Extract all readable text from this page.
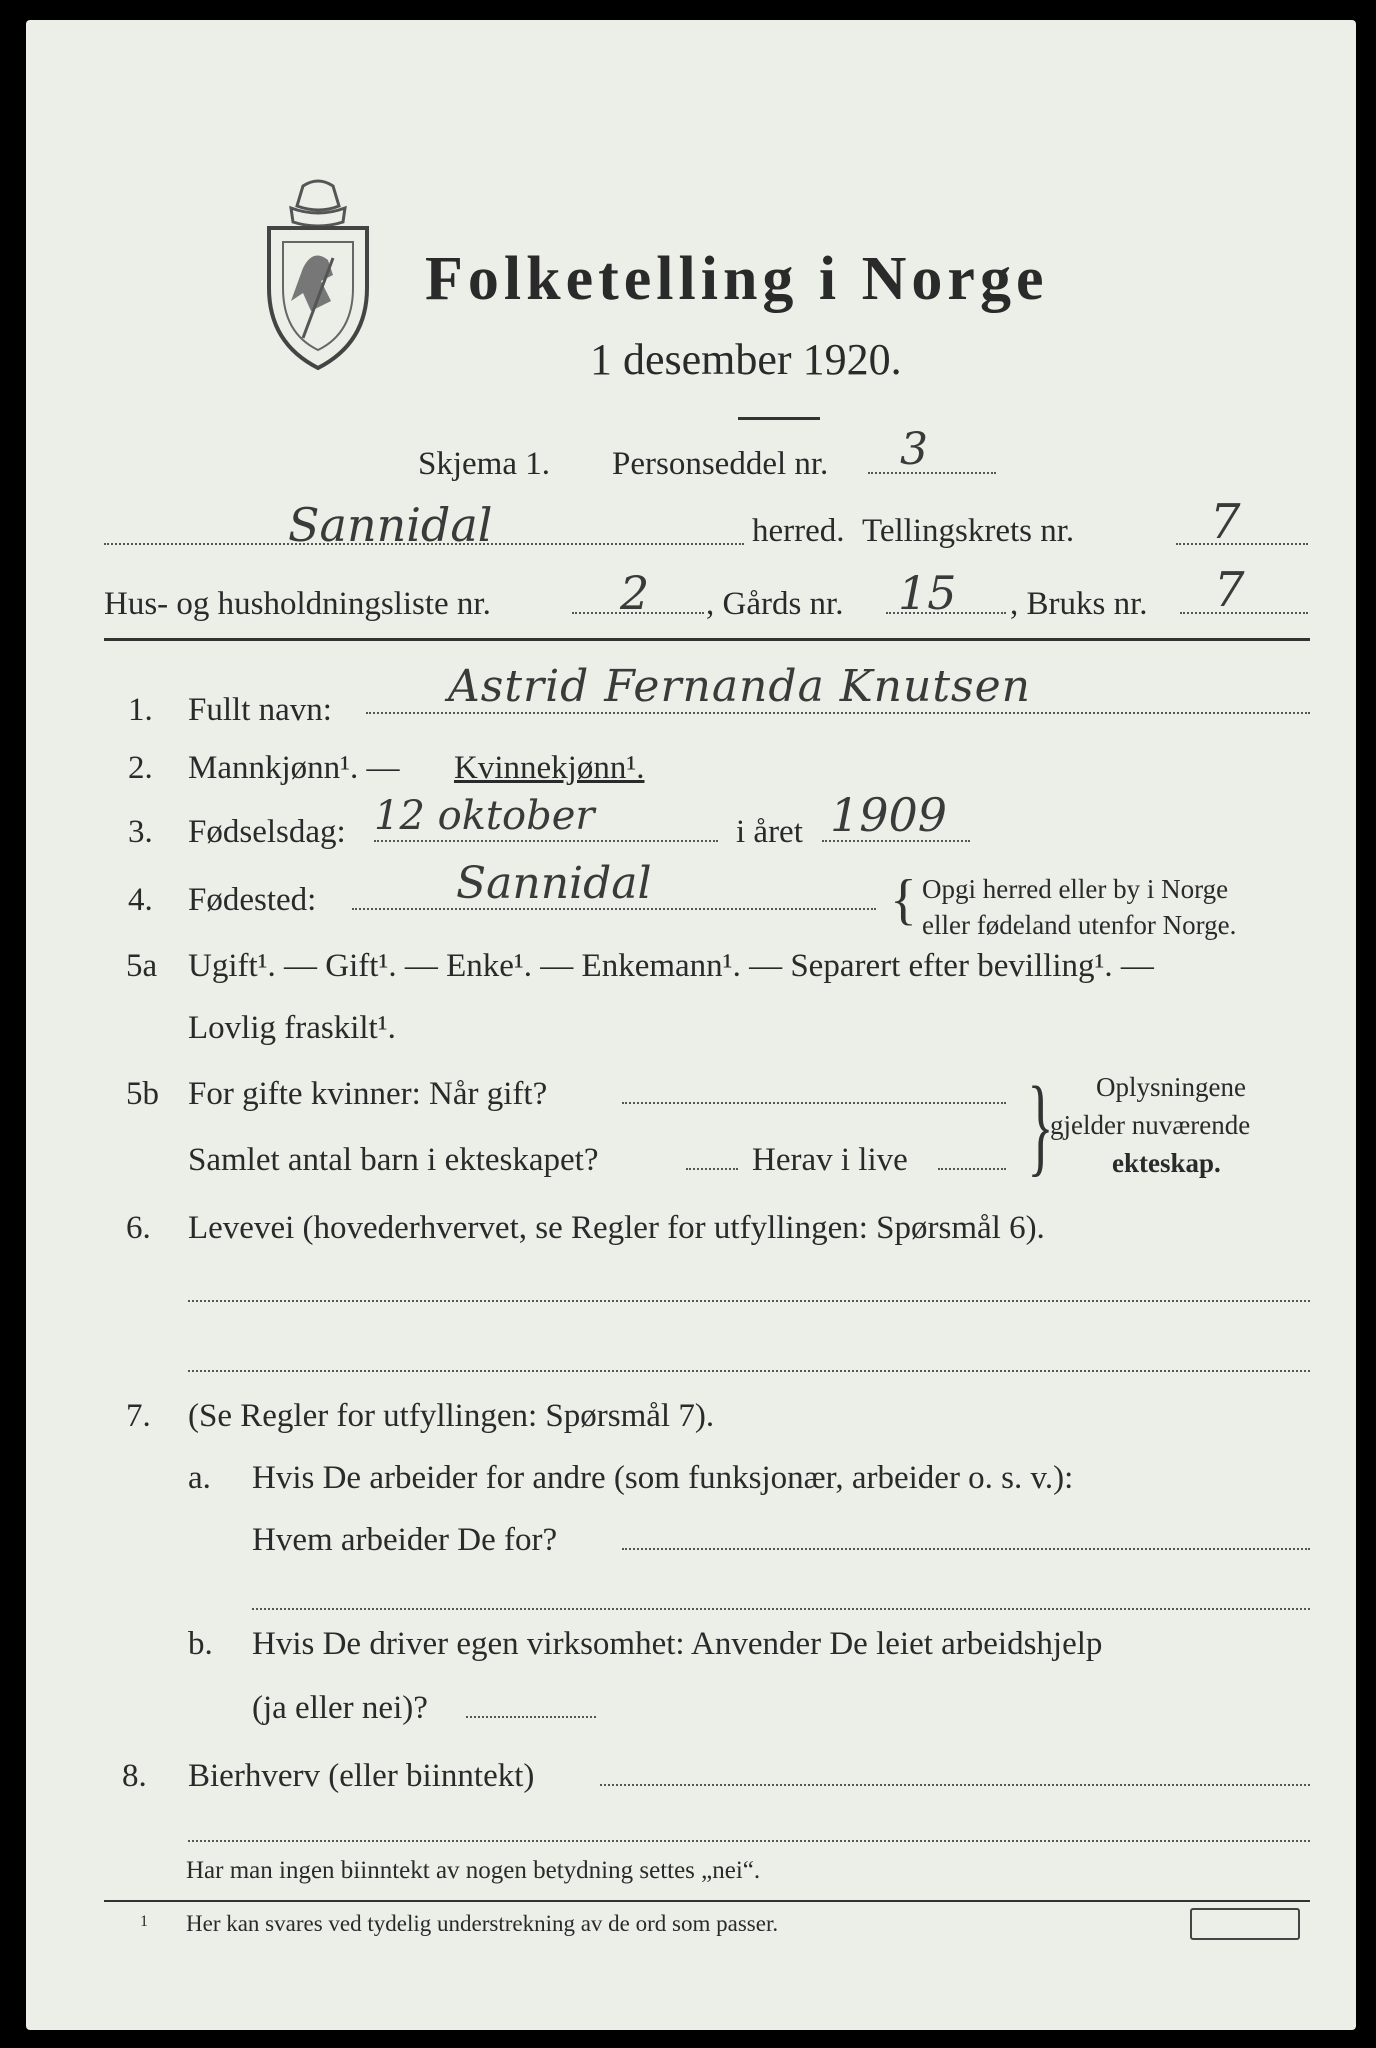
Folketelling i Norge
1 desember 1920.
Skjema 1. Personseddel nr. 3
Sannidal	herred. Tellingskrets nr.	7
Hus- og husholdningsliste nr.	2 , Gårds nr. 15 , Bruks nr. 7
1. Fullt navn:	Astrid Fernanda Knutsen
2. Mannkjønn¹. — Kvinnekjønn¹.
3. Fødselsdag: 12 oktober	i året 1909
4. Fødested:	Sannidal	{ Opgi herred eller by i Norge
eller fødeland utenfor Norge.
5a Ugift¹. — Gift¹. — Enke¹. — Enkemann¹. — Separert efter bevilling¹. —
Lovlig fraskilt¹.
5b For gifte kvinner: Når gift?
Samlet antal barn i ekteskapet?	Herav i live } Oplysningene
gjelder nuværende
ekteskap.
6. Levevei (hovederhvervet, se Regler for utfyllingen: Spørsmål 6).
7. (Se Regler for utfyllingen: Spørsmål 7).
a. Hvis De arbeider for andre (som funksjonær, arbeider o. s. v.):
Hvem arbeider De for?
b. Hvis De driver egen virksomhet: Anvender De leiet arbeidshjelp
(ja eller nei)?
8. Bierhverv (eller biinntekt)
Har man ingen biinntekt av nogen betydning settes „nei“.
1 Her kan svares ved tydelig understrekning av de ord som passer.
